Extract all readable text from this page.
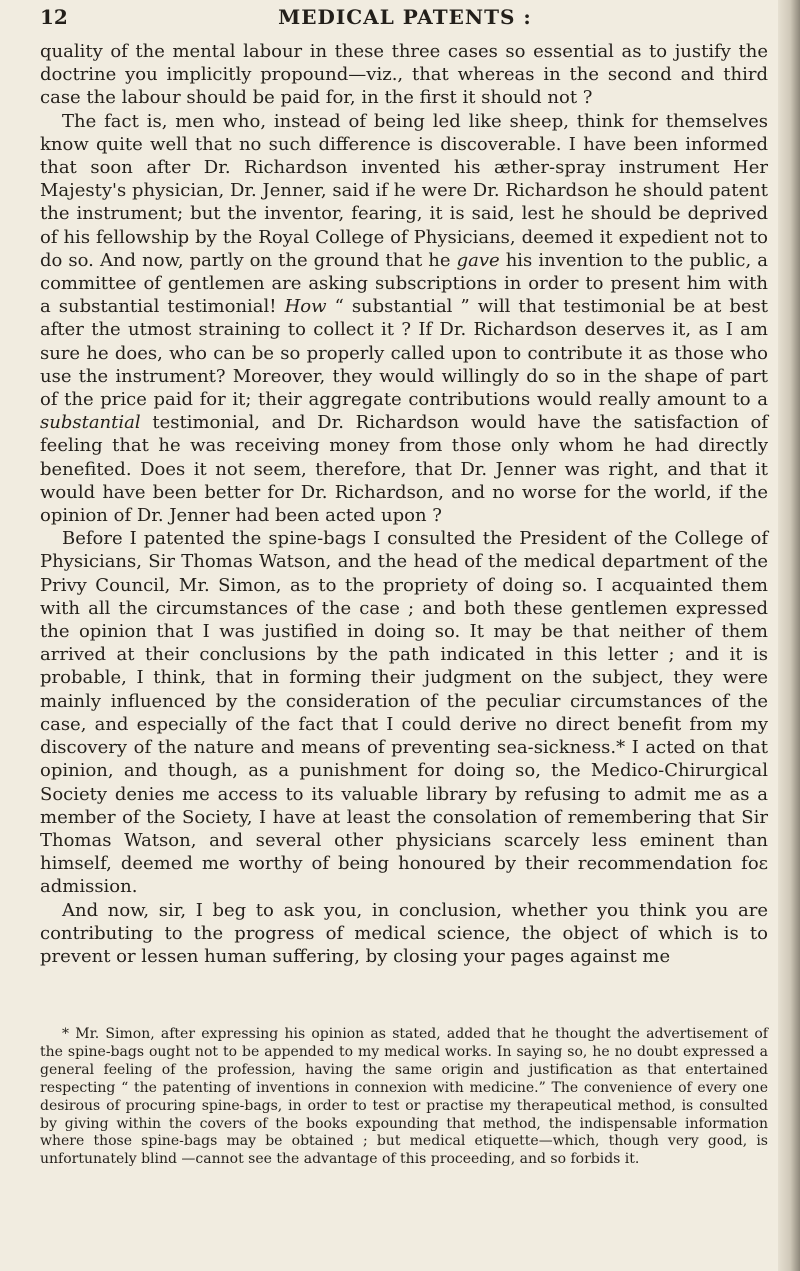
12	MEDICAL PATENTS :

quality of the mental labour in these three cases so essential as to justify the doctrine you implicitly propound—viz., that whereas in the second and third case the labour should be paid for, in the first it should not ?

The fact is, men who, instead of being led like sheep, think for themselves know quite well that no such difference is discoverable. I have been informed that soon after Dr. Richardson invented his æther-spray instrument Her Majesty's physician, Dr. Jenner, said if he were Dr. Richardson he should patent the instrument; but the inventor, fearing, it is said, lest he should be deprived of his fellowship by the Royal College of Physicians, deemed it expedient not to do so. And now, partly on the ground that he gave his invention to the public, a committee of gentlemen are asking subscriptions in order to present him with a substantial testimonial! How “ substantial ” will that testimonial be at best after the utmost straining to collect it ? If Dr. Richardson deserves it, as I am sure he does, who can be so properly called upon to contribute it as those who use the instrument? Moreover, they would willingly do so in the shape of part of the price paid for it; their aggregate contributions would really amount to a substantial testimonial, and Dr. Richardson would have the satisfaction of feeling that he was receiving money from those only whom he had directly benefited. Does it not seem, therefore, that Dr. Jenner was right, and that it would have been better for Dr. Richardson, and no worse for the world, if the opinion of Dr. Jenner had been acted upon ?

Before I patented the spine-bags I consulted the President of the College of Physicians, Sir Thomas Watson, and the head of the medical department of the Privy Council, Mr. Simon, as to the propriety of doing so. I acquainted them with all the circumstances of the case ; and both these gentlemen expressed the opinion that I was justified in doing so. It may be that neither of them arrived at their conclusions by the path indicated in this letter ; and it is probable, I think, that in forming their judgment on the subject, they were mainly influenced by the consideration of the peculiar circumstances of the case, and especially of the fact that I could derive no direct benefit from my discovery of the nature and means of preventing sea-sickness.* I acted on that opinion, and though, as a punishment for doing so, the Medico-Chirurgical Society denies me access to its valuable library by refusing to admit me as a member of the Society, I have at least the consolation of remembering that Sir Thomas Watson, and several other physicians scarcely less eminent than himself, deemed me worthy of being honoured by their recommendation foɛ admission.

And now, sir, I beg to ask you, in conclusion, whether you think you are contributing to the progress of medical science, the object of which is to prevent or lessen human suffering, by closing your pages against me

* Mr. Simon, after expressing his opinion as stated, added that he thought the advertisement of the spine-bags ought not to be appended to my medical works. In saying so, he no doubt expressed a general feeling of the profession, having the same origin and justification as that entertained respecting “ the patenting of inventions in connexion with medicine.” The convenience of every one desirous of procuring spine-bags, in order to test or practise my therapeutical method, is consulted by giving within the covers of the books expounding that method, the indispensable information where those spine-bags may be obtained ; but medical etiquette—which, though very good, is unfortunately blind —cannot see the advantage of this proceeding, and so forbids it.
